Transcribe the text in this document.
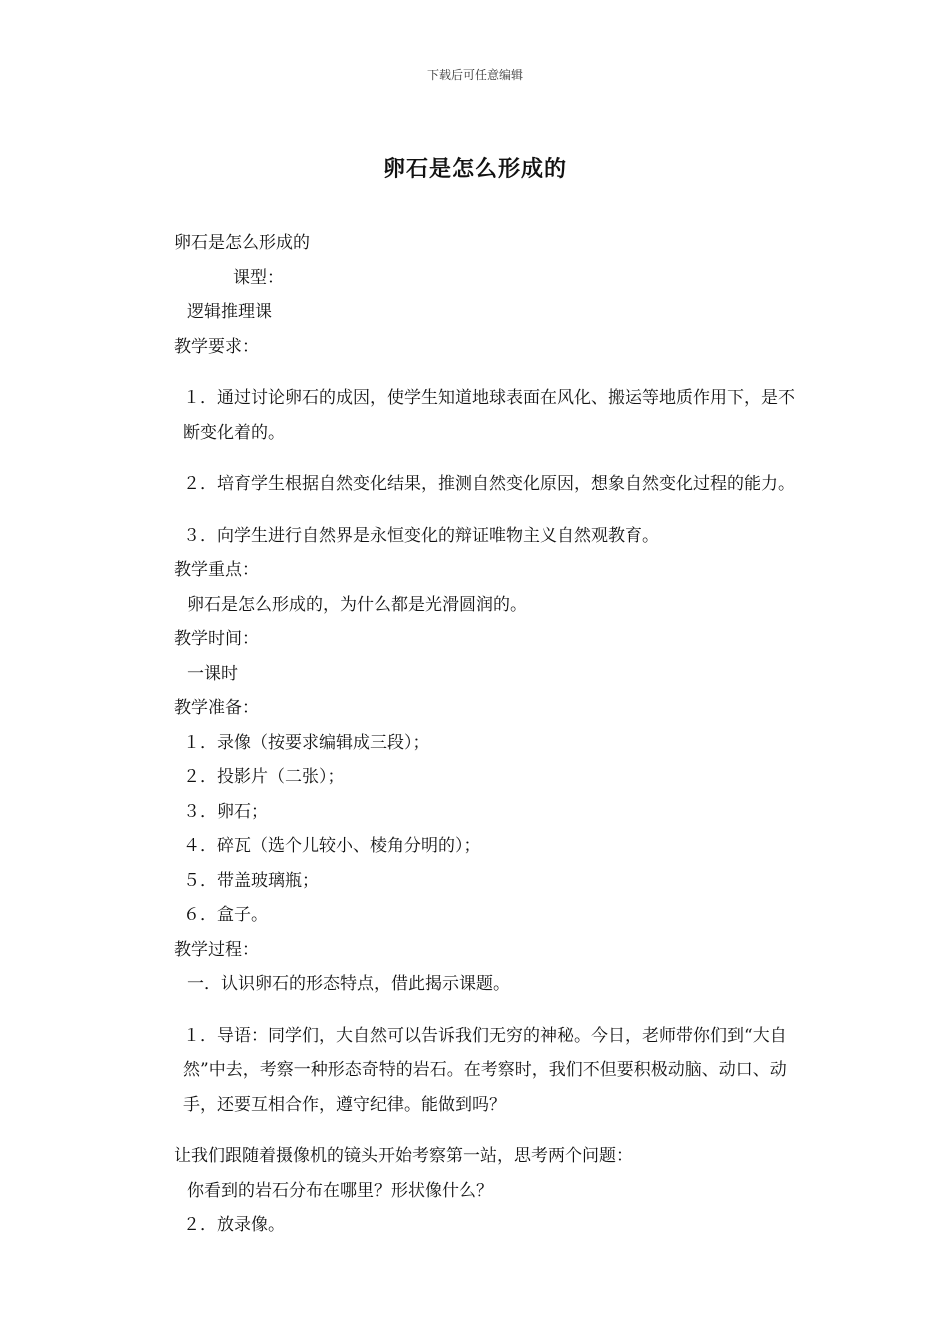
下载后可任意编辑
卵石是怎么形成的

卵石是怎么形成的

课型：

逻辑推理课

教学要求：

１．通过讨论卵石的成因，使学生知道地球表面在风化、搬运等地质作用下，是不断变化着的。

２．培育学生根据自然变化结果，推测自然变化原因，想象自然变化过程的能力。

３．向学生进行自然界是永恒变化的辩证唯物主义自然观教育。

教学重点：

卵石是怎么形成的，为什么都是光滑圆润的。

教学时间：

一课时

教学准备：

１．录像（按要求编辑成三段）；

２．投影片（二张）；

３．卵石；

４．碎瓦（选个儿较小、棱角分明的）；

５．带盖玻璃瓶；

６．盒子。

教学过程：

一．认识卵石的形态特点，借此揭示课题。

１．导语：同学们，大自然可以告诉我们无穷的神秘。今日，老师带你们到“大自然”中去，考察一种形态奇特的岩石。在考察时，我们不但要积极动脑、动口、动手，还要互相合作，遵守纪律。能做到吗？

让我们跟随着摄像机的镜头开始考察第一站，思考两个问题：

你看到的岩石分布在哪里？形状像什么？

２．放录像。
